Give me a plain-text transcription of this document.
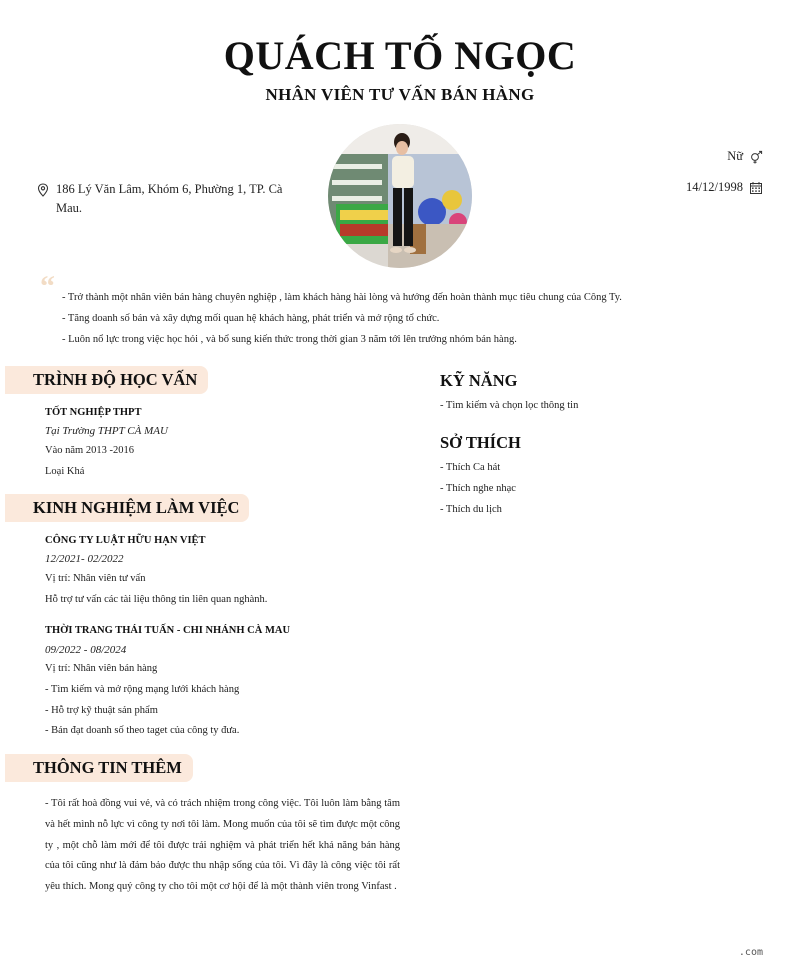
QUÁCH TỐ NGỌC
NHÂN VIÊN TƯ VẤN BÁN HÀNG
186 Lý Văn Lâm, Khóm 6, Phường 1, TP. Cà
Mau.
Nữ
14/12/1998
“ - Trở thành một nhân viên bán hàng chuyên nghiệp , làm khách hàng hài lòng và hướng đến hoàn thành mục tiêu chung của Công Ty.
- Tăng doanh số bán và xây dựng mối quan hệ khách hàng, phát triển và mở rộng tổ chức.
- Luôn nổ lực trong việc học hỏi , và bổ sung kiến thức trong thời gian 3 năm tới lên trưởng nhóm bán hàng.
TRÌNH ĐỘ HỌC VẤN
TỐT NGHIỆP THPT
Tại Trường THPT CÀ MAU
Vào năm 2013 -2016
Loại Khá
KINH NGHIỆM LÀM VIỆC
CÔNG TY LUẬT HỮU HẠN VIỆT
12/2021- 02/2022
Vị trí: Nhân viên tư vấn
Hỗ trợ tư vấn các tài liệu thông tin liên quan nghành.
THỜI TRANG THÁI TUẤN - CHI NHÁNH CÀ MAU
09/2022 - 08/2024
Vị trí: Nhân viên bán hàng
- Tìm kiếm và mở rộng mạng lưới khách hàng
- Hỗ trợ kỹ thuật sản phẩm
- Bán đạt doanh số theo taget của công ty đưa.
THÔNG TIN THÊM
- Tôi rất hoà đồng vui vẻ, và có trách nhiệm trong công việc. Tôi luôn làm bằng tâm và hết mình nỗ lực vì công ty nơi tôi làm. Mong muốn của tôi sẽ tìm được một công ty , một chỗ làm mới để tôi được trải nghiệm và phát triển hết khả năng bán hàng của tôi cũng như là đảm bảo được thu nhập sống của tôi. Vì đây là công việc tôi rất yêu thích. Mong quý công ty cho tôi một cơ hội để là một thành viên trong Vinfast .
KỸ NĂNG
- Tìm kiếm và chọn lọc thông tin
SỞ THÍCH
- Thích Ca hát
- Thích nghe nhạc
- Thích du lịch
.com
